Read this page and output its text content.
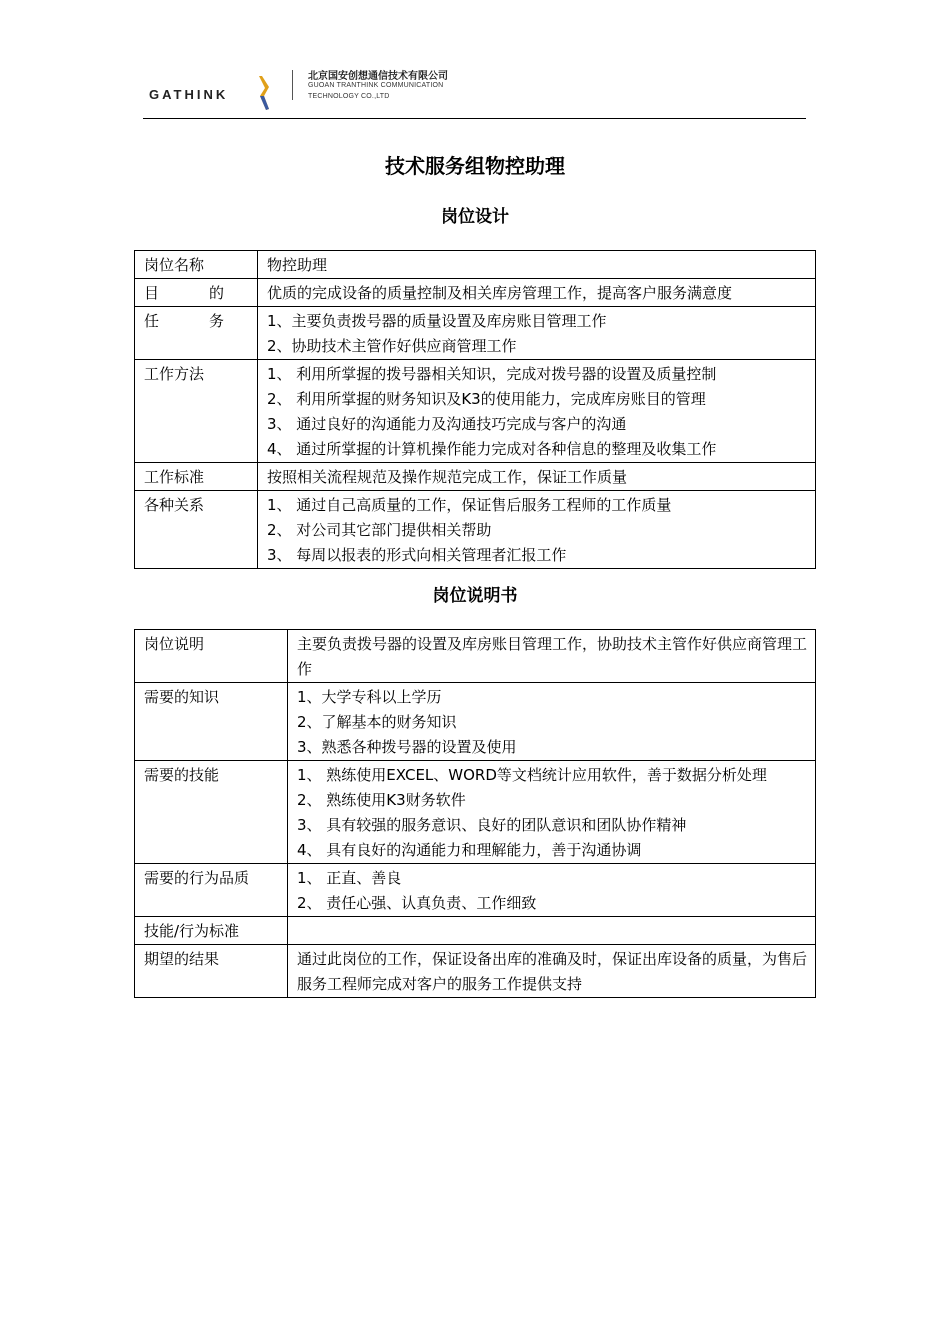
GATHINK
北京国安创想通信技术有限公司
GUOAN TRANTHINK COMMUNICATION
TECHNOLOGY CO.,LTD
技术服务组物控助理
岗位设计
岗位名称	物控助理

目　　的	优质的完成设备的质量控制及相关库房管理工作，提高客户服务满意度

任　　务	1、主要负责拨号器的质量设置及库房账目管理工作
2、协助技术主管作好供应商管理工作

工作方法	1、 利用所掌握的拨号器相关知识，完成对拨号器的设置及质量控制
2、 利用所掌握的财务知识及K3的使用能力，完成库房账目的管理
3、 通过良好的沟通能力及沟通技巧完成与客户的沟通
4、 通过所掌握的计算机操作能力完成对各种信息的整理及收集工作

工作标准	按照相关流程规范及操作规范完成工作，保证工作质量

各种关系	1、 通过自己高质量的工作，保证售后服务工程师的工作质量
2、 对公司其它部门提供相关帮助
3、 每周以报表的形式向相关管理者汇报工作
岗位说明书
岗位说明	主要负责拨号器的设置及库房账目管理工作，协助技术主管作好供应商管理工作

需要的知识	1、大学专科以上学历
2、了解基本的财务知识
3、熟悉各种拨号器的设置及使用

需要的技能	1、 熟练使用EXCEL、WORD等文档统计应用软件，善于数据分析处理
2、 熟练使用K3财务软件
3、 具有较强的服务意识、良好的团队意识和团队协作精神
4、 具有良好的沟通能力和理解能力，善于沟通协调

需要的行为品质	1、 正直、善良
2、 责任心强、认真负责、工作细致

技能/行为标准	

期望的结果	通过此岗位的工作，保证设备出库的准确及时，保证出库设备的质量，为售后服务工程师完成对客户的服务工作提供支持
